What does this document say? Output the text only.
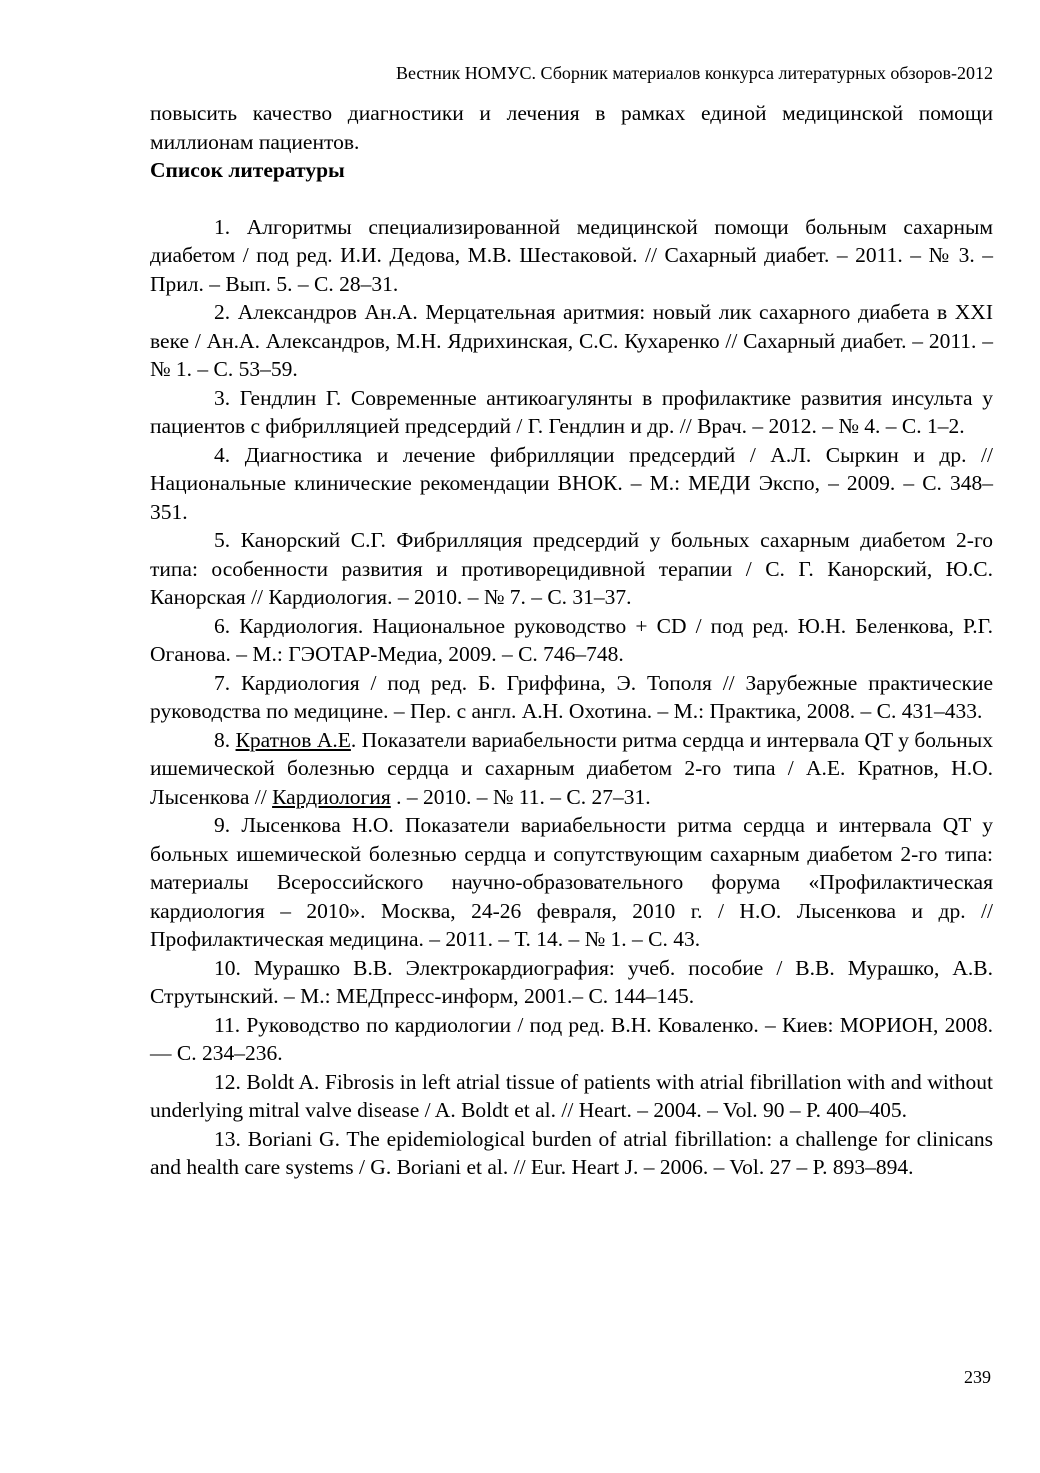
Вестник НОМУС. Сборник материалов конкурса литературных обзоров-2012

повысить качество диагностики и лечения в рамках единой медицинской помощи миллионам пациентов.

Список литературы

1. Алгоритмы специализированной медицинской помощи больным сахарным диабетом / под ред. И.И. Дедова, М.В. Шестаковой. // Сахарный диабет. – 2011. – № 3. – Прил. – Вып. 5. – С. 28–31.

2. Александров Ан.А. Мерцательная аритмия: новый лик сахарного диабета в XXI веке / Ан.А. Александров, М.Н. Ядрихинская, С.С. Кухаренко // Сахарный диабет. – 2011. – № 1. – С. 53–59.

3. Гендлин Г. Современные антикоагулянты в профилактике развития инсульта у пациентов с фибрилляцией предсердий / Г. Гендлин и др. // Врач. – 2012. – № 4. – С. 1–2.

4. Диагностика и лечение фибрилляции предсердий / А.Л. Сыркин и др. // Национальные клинические рекомендации ВНОК. – М.: МЕДИ Экспо, – 2009. – С. 348–351.

5. Канорский С.Г. Фибрилляция предсердий у больных сахарным диабетом 2-го типа: особенности развития и противорецидивной терапии / С. Г. Канорский, Ю.С. Канорская // Кардиология. – 2010. – № 7. – С. 31–37.

6. Кардиология. Национальное руководство + CD / под ред. Ю.Н. Беленкова, Р.Г. Оганова. – М.: ГЭОТАР-Медиа, 2009. – С. 746–748.

7. Кардиология / под ред. Б. Гриффина, Э. Тополя // Зарубежные практические руководства по медицине. – Пер. с англ. А.Н. Охотина. – М.: Практика, 2008. – С. 431–433.

8. Кратнов А.Е. Показатели вариабельности ритма сердца и интервала QT у больных ишемической болезнью сердца и сахарным диабетом 2-го типа / А.Е. Кратнов, Н.О. Лысенкова // Кардиология . – 2010. – № 11. – С. 27–31.

9. Лысенкова Н.О. Показатели вариабельности ритма сердца и интервала QT у больных ишемической болезнью сердца и сопутствующим сахарным диабетом 2-го типа: материалы Всероссийского научно-образовательного форума «Профилактическая кардиология – 2010». Москва, 24-26 февраля, 2010 г. / Н.О. Лысенкова и др. // Профилактическая медицина. – 2011. – Т. 14. – № 1. – С. 43.

10. Мурашко В.В. Электрокардиография: учеб. пособие / В.В. Мурашко, А.В. Струтынский. – М.: МЕДпресс-информ, 2001.– С. 144–145.

11. Руководство по кардиологии / под ред. В.Н. Коваленко. – Киев: МОРИОН, 2008. — С. 234–236.

12. Boldt A. Fibrosis in left atrial tissue of patients with atrial fibrillation with and without underlying mitral valve disease / A. Boldt et al. // Heart. – 2004. – Vol. 90 – P. 400–405.

13. Boriani G. The epidemiological burden of atrial fibrillation: a challenge for clinicans and health care systems / G. Boriani et al. // Eur. Heart J. – 2006. – Vol. 27 – P. 893–894.

239
